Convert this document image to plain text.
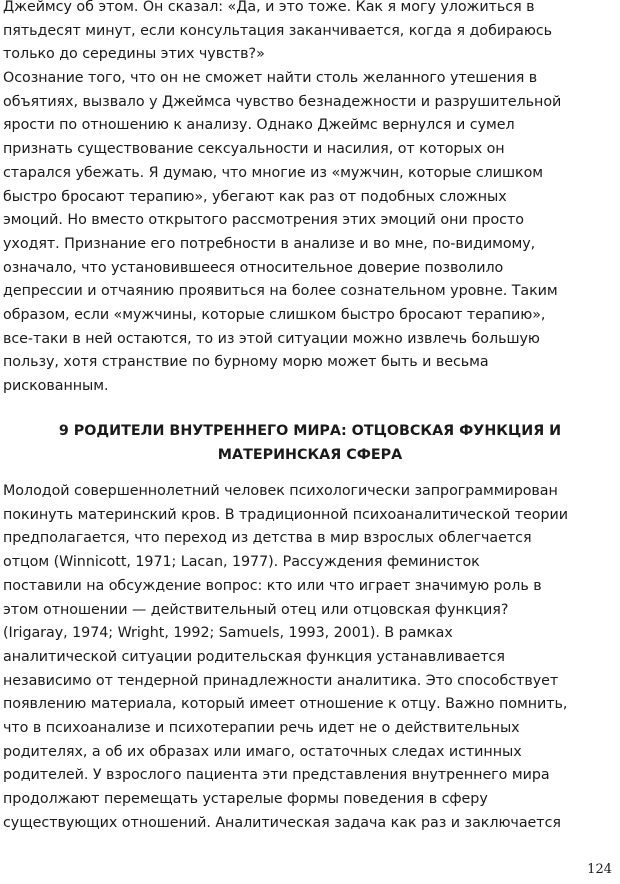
Джеймсу об этом. Он сказал: «Да, и это тоже. Как я могу уложиться в
пятьдесят минут, если консультация заканчивается, когда я добираюсь
только до середины этих чувств?»
Осознание того, что он не сможет найти столь желанного утешения в
объятиях, вызвало у Джеймса чувство безнадежности и разрушительной
ярости по отношению к анализу. Однако Джеймс вернулся и сумел
признать существование сексуальности и насилия, от которых он
старался убежать. Я думаю, что многие из «мужчин, которые слишком
быстро бросают терапию», убегают как раз от подобных сложных
эмоций. Но вместо открытого рассмотрения этих эмоций они просто
уходят. Признание его потребности в анализе и во мне, по-видимому,
означало, что установившееся относительное доверие позволило
депрессии и отчаянию проявиться на более сознательном уровне. Таким
образом, если «мужчины, которые слишком быстро бросают терапию»,
все-таки в ней остаются, то из этой ситуации можно извлечь большую
пользу, хотя странствие по бурному морю может быть и весьма
рискованным.
9 РОДИТЕЛИ ВНУТРЕННЕГО МИРА: ОТЦОВСКАЯ ФУНКЦИЯ И
МАТЕРИНСКАЯ СФЕРА
Молодой совершеннолетний человек психологически запрограммирован
покинуть материнский кров. В традиционной психоаналитической теории
предполагается, что переход из детства в мир взрослых облегчается
отцом (Winnicott, 1971; Lacan, 1977). Рассуждения феминисток
поставили на обсуждение вопрос: кто или что играет значимую роль в
этом отношении — действительный отец или отцовская функция?
(Irigaray, 1974; Wright, 1992; Samuels, 1993, 2001). В рамках
аналитической ситуации родительская функция устанавливается
независимо от тендерной принадлежности аналитика. Это способствует
появлению материала, который имеет отношение к отцу. Важно помнить,
что в психоанализе и психотерапии речь идет не о действительных
родителях, а об их образах или имаго, остаточных следах истинных
родителей. У взрослого пациента эти представления внутреннего мира
продолжают перемещать устарелые формы поведения в сферу
существующих отношений. Аналитическая задача как раз и заключается
124
